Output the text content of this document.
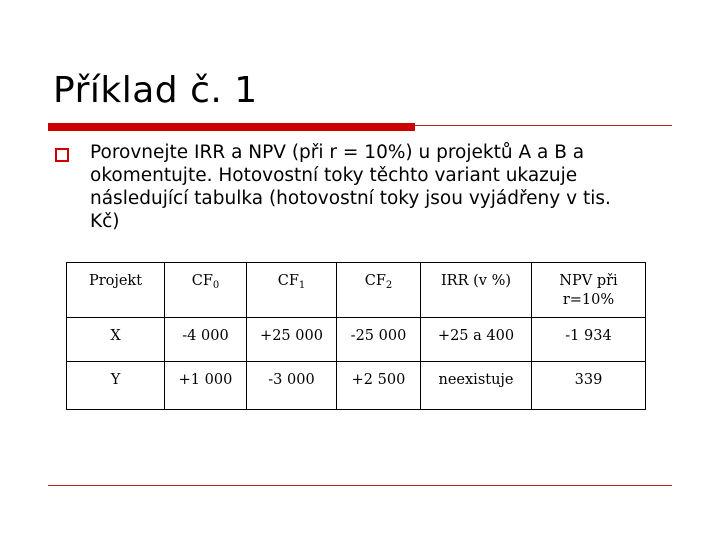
Příklad č. 1
Porovnejte IRR a NPV (při r = 10%) u projektů A a B a
okomentujte. Hotovostní toky těchto variant ukazuje
následující tabulka (hotovostní toky jsou vyjádřeny v tis.
Kč)
Projekt	$CF_0$	$CF_1$	$CF_2$	IRR (v %)	NPV při
r=10%
X	-4 000	+25 000	-25 000	+25 a 400	-1 934
Y	+1 000	-3 000	+2 500	neexistuje	339
